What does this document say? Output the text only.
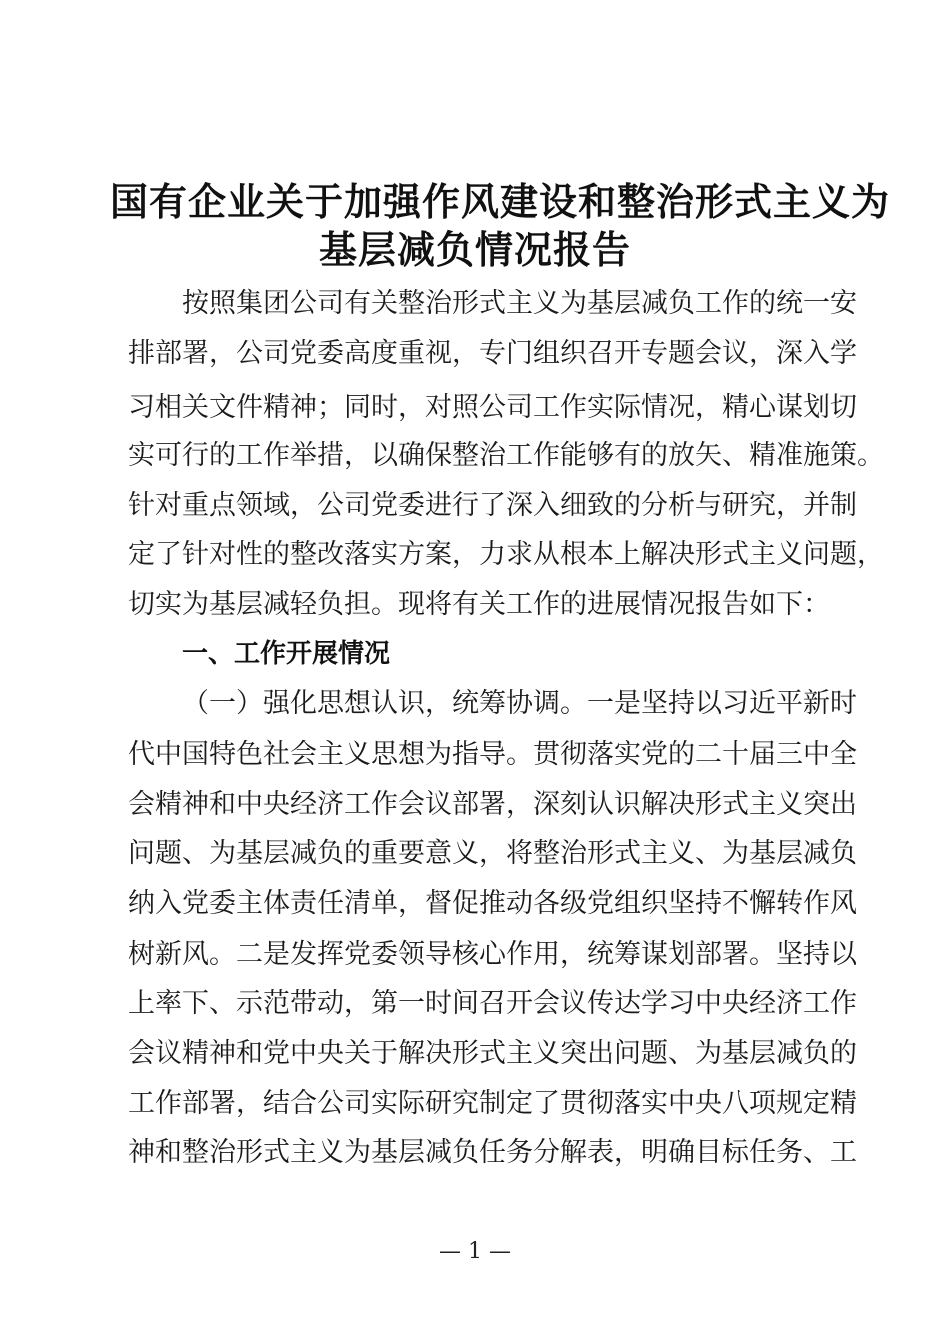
国有企业关于加强作风建设和整治形式主义为
基层减负情况报告
按照集团公司有关整治形式主义为基层减负工作的统一安
排部署，公司党委高度重视，专门组织召开专题会议，深入学
习相关文件精神；同时，对照公司工作实际情况，精心谋划切
实可行的工作举措，以确保整治工作能够有的放矢、精准施策。
针对重点领域，公司党委进行了深入细致的分析与研究，并制
定了针对性的整改落实方案，力求从根本上解决形式主义问题，
切实为基层减轻负担。现将有关工作的进展情况报告如下：
一、工作开展情况
（一）强化思想认识，统筹协调。一是坚持以习近平新时
代中国特色社会主义思想为指导。贯彻落实党的二十届三中全
会精神和中央经济工作会议部署，深刻认识解决形式主义突出
问题、为基层减负的重要意义，将整治形式主义、为基层减负
纳入党委主体责任清单，督促推动各级党组织坚持不懈转作风
树新风。二是发挥党委领导核心作用，统筹谋划部署。坚持以
上率下、示范带动，第一时间召开会议传达学习中央经济工作
会议精神和党中央关于解决形式主义突出问题、为基层减负的
工作部署，结合公司实际研究制定了贯彻落实中央八项规定精
神和整治形式主义为基层减负任务分解表，明确目标任务、工
— 1 —
